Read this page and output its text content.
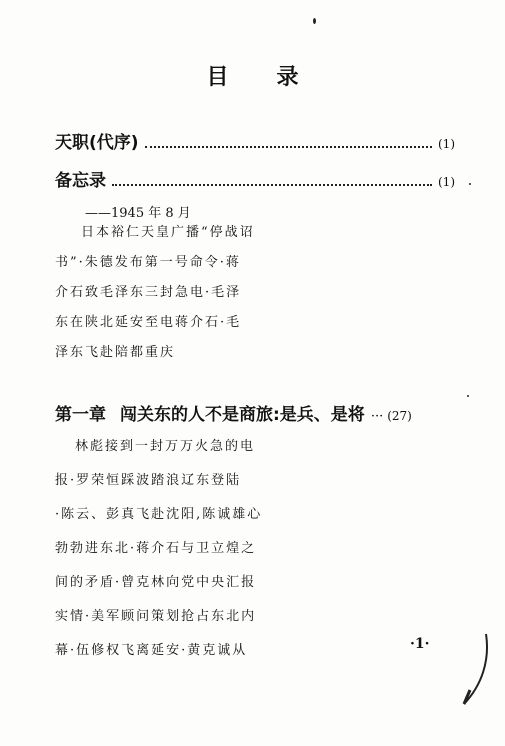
目 录
天职(代序)	(1)
备忘录	(1)
——1945 年 8 月
日本裕仁天皇广播“停战诏
书”·朱德发布第一号命令·蒋
介石致毛泽东三封急电·毛泽
东在陕北延安至电蒋介石·毛
泽东飞赴陪都重庆
第一章 闯关东的人不是商旅:是兵、是将 ··· (27)
林彪接到一封万万火急的电
报·罗荣恒踩波踏浪辽东登陆
·陈云、彭真飞赴沈阳,陈诚雄心
勃勃进东北·蒋介石与卫立煌之
间的矛盾·曾克林向党中央汇报
实情·美军顾问策划抢占东北内
幕·伍修权飞离延安·黄克诚从	·1·
